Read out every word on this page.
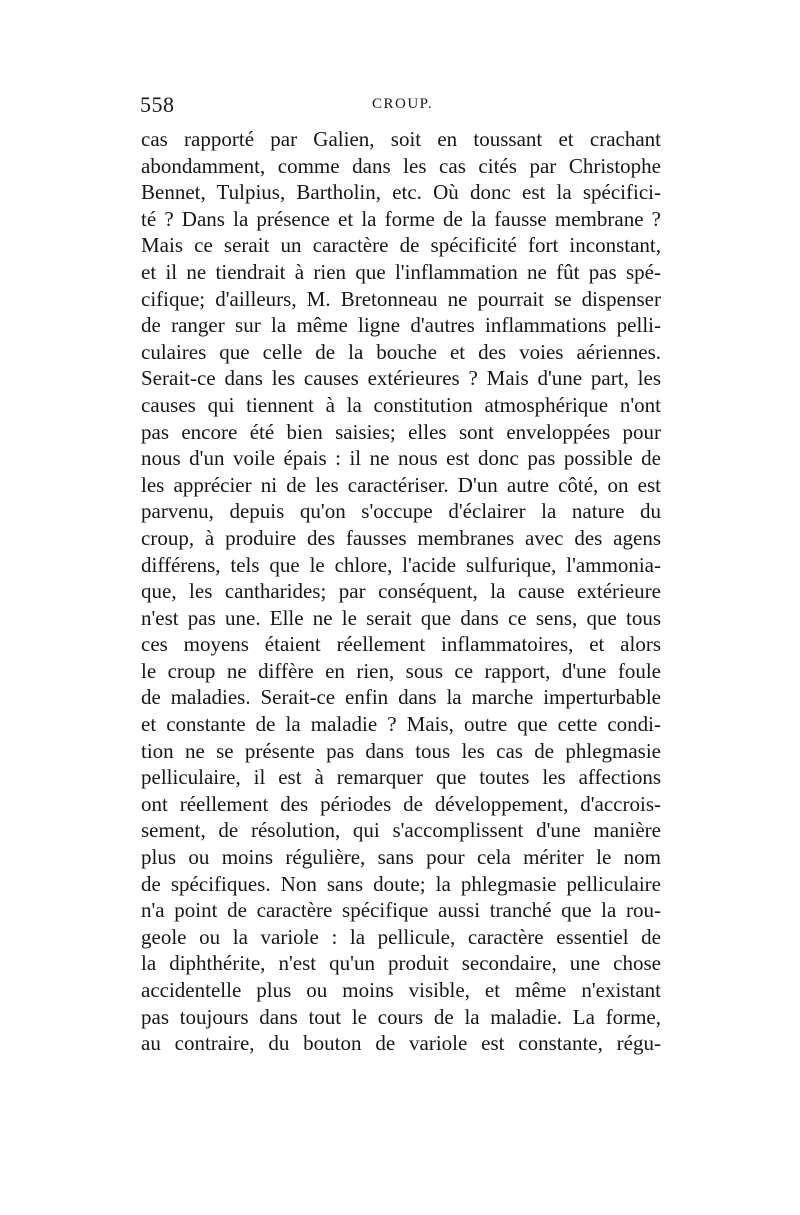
558	CROUP.
cas rapporté par Galien, soit en toussant et crachant
abondamment, comme dans les cas cités par Christophe
Bennet, Tulpius, Bartholin, etc. Où donc est la spécifici-
té ? Dans la présence et la forme de la fausse membrane ?
Mais ce serait un caractère de spécificité fort inconstant,
et il ne tiendrait à rien que l'inflammation ne fût pas spé-
cifique; d'ailleurs, M. Bretonneau ne pourrait se dispenser
de ranger sur la même ligne d'autres inflammations pelli-
culaires que celle de la bouche et des voies aériennes.
Serait-ce dans les causes extérieures ? Mais d'une part, les
causes qui tiennent à la constitution atmosphérique n'ont
pas encore été bien saisies; elles sont enveloppées pour
nous d'un voile épais : il ne nous est donc pas possible de
les apprécier ni de les caractériser. D'un autre côté, on est
parvenu, depuis qu'on s'occupe d'éclairer la nature du
croup, à produire des fausses membranes avec des agens
différens, tels que le chlore, l'acide sulfurique, l'ammonia-
que, les cantharides; par conséquent, la cause extérieure
n'est pas une. Elle ne le serait que dans ce sens, que tous
ces moyens étaient réellement inflammatoires, et alors
le croup ne diffère en rien, sous ce rapport, d'une foule
de maladies. Serait-ce enfin dans la marche imperturbable
et constante de la maladie ? Mais, outre que cette condi-
tion ne se présente pas dans tous les cas de phlegmasie
pelliculaire, il est à remarquer que toutes les affections
ont réellement des périodes de développement, d'accrois-
sement, de résolution, qui s'accomplissent d'une manière
plus ou moins régulière, sans pour cela mériter le nom
de spécifiques. Non sans doute; la phlegmasie pelliculaire
n'a point de caractère spécifique aussi tranché que la rou-
geole ou la variole : la pellicule, caractère essentiel de
la diphthérite, n'est qu'un produit secondaire, une chose
accidentelle plus ou moins visible, et même n'existant
pas toujours dans tout le cours de la maladie. La forme,
au contraire, du bouton de variole est constante, régu-
